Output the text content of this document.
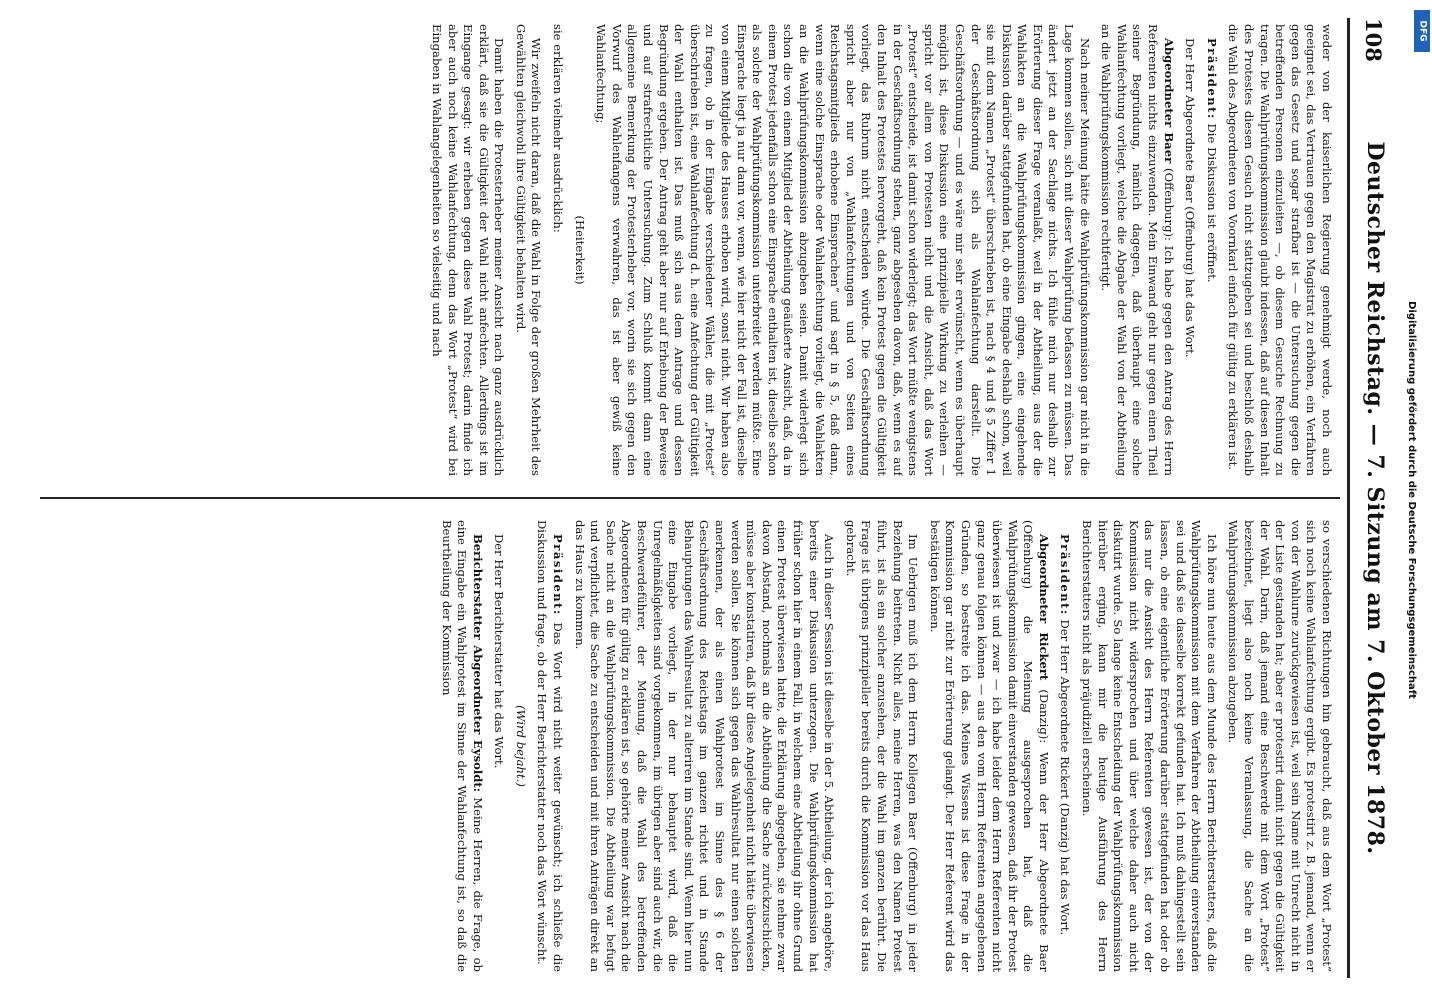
108
Deutscher Reichstag. — 7. Sitzung am 7. Oktober 1878.

weder von der kaiserlichen Regierung genehmigt werde, noch auch geeignet sei, das Vertrauen gegen den Magistrat zu erhöhen, ein Verfahren gegen das Gesetz und sogar strafbar ist — die Untersuchung gegen die betreffenden Personen einzuleiten —, ob diesem Gesuche Rechnung zu tragen. Die Wahlprüfungskommission glaubt indessen, daß auf diesen Inhalt des Protestes diesen Gesuch nicht stattzugeben sei und beschloß deshalb die Wahl des Abgeordneten von Voornkarl einfach für gültig zu erklären ist.

Präsident: Die Diskussion ist eröffnet.

Der Herr Abgeordnete Baer (Offenburg) hat das Wort.

Abgeordneter Baer (Offenburg): Ich habe gegen den Antrag des Herrn Referenten nichts einzuwenden. Mein Einwand geht nur gegen einen Theil seiner Begründung, nämlich dagegen, daß überhaupt eine solche Wahlanfechtung vorliegt, welche die Abgabe der Wahl von der Abtheilung an die Wahlprüfungskommission rechtfertigt.

Nach meiner Meinung hätte die Wahlprüfungskommission gar nicht in die Lage kommen sollen, sich mit dieser Wahlprüfung befassen zu müssen. Das ändert jetzt an der Sachlage nichts. Ich fühle mich nur deshalb zur Erörterung dieser Frage veranlaßt, weil in der Abtheilung, aus der die Wahlakten an die Wahlprüfungskommission gingen, eine eingehende Diskussion darüber stattgefunden hat, ob eine Eingabe deshalb schon, weil sie mit dem Namen „Protest“ überschrieben ist, nach § 4 und § 5 Ziffer 1 der Geschäftsordnung sich als Wahlanfechtung darstellt. Die Geschäftsordnung — und es wäre mir sehr erwünscht, wenn es überhaupt möglich ist, diese Diskussion eine prinzipielle Wirkung zu verleihen — spricht vor allem von Protesten nicht und die Ansicht, daß das Wort „Protest“ entscheide, ist damit schon widerlegt; das Wort müßte wenigstens in der Geschäftsordnung stehen, ganz abgesehen davon, daß, wenn es auf den Inhalt des Protestes hervorgeht, daß kein Protest gegen die Gültigkeit vorliegt, das Rubrum nicht entscheiden würde. Die Geschäftsordnung spricht aber nur von „Wahlanfechtungen und von Seiten eines Reichstagsmitglieds erhobene Einsprachen“ und sagt in § 5, daß dann, wenn eine solche Einsprache oder Wahlanfechtung vorliegt, die Wahlakten an die Wahlprüfungskommission abzugeben seien. Damit widerlegt sich schon die von einem Mitglied der Abtheilung geäußerte Ansicht, daß, da in einem Protest jedenfalls schon eine Einsprache enthalten ist, dieselbe schon als solche der Wahlprüfungskommission unterbreitet werden müßte. Eine Einsprache liegt ja nur dann vor, wenn, wie hier nicht der Fall ist, dieselbe von einem Mitgliede des Hauses erhoben wird, sonst nicht. Wir haben also zu fragen, ob in der Eingabe verschiedener Wähler, die mit „Protest“ überschrieben ist, eine Wahlanfechtung d. h. eine Anfechtung der Gültigkeit der Wahl enthalten ist. Das muß sich aus dem Antrage und dessen Begründung ergeben. Der Antrag geht aber nur auf Erhebung der Beweise und auf strafrechtliche Untersuchung. Zum Schluß kommt dann eine allgemeine Bemerkung der Protesterheber vor, worin sie sich gegen den Vorwurf des Wahlenfangens verwahren, das ist aber gewiß keine Wahlanfechtung;

(Heiterkeit)

sie erklären vielmehr ausdrücklich:

Wir zweifeln nicht daran, daß die Wahl in Folge der großen Mehrheit des Gewählten gleichwohl ihre Gültigkeit behalten wird.

Damit haben die Protesterheber meiner Ansicht nach ganz ausdrücklich erklärt, daß sie die Gültigkeit der Wahl nicht anfechten. Allerdings ist im Eingange gesagt: wir erheben gegen diese Wahl Protest; darin finde ich aber auch noch keine Wahlanfechtung, denn das Wort „Protest“ wird bei Eingaben in Wahlangelegenheiten so vielseitig und nach

so verschiedenen Richtungen hin gebraucht, daß aus dem Wort „Protest“ sich noch keine Wahlanfechtung ergibt. Es protestirt z. B. jemand, wenn er von der Wahlurne zurückgewiesen ist, weil sein Name mit Unrecht nicht in der Liste gestanden hat; aber er protestirt damit nicht gegen die Gültigkeit der Wahl. Darin, daß jemand eine Beschwerde mit dem Wort „Protest“ bezeichnet, liegt also noch keine Veranlassung, die Sache an die Wahlprüfungskommission abzugeben.

Ich höre nun heute aus dem Munde des Herrn Berichterstatters, daß die Wahlprüfungskommission mit dem Verfahren der Abtheilung einverstanden sei und daß sie dasselbe korrekt gefunden hat. Ich muß dahingestellt sein lassen, ob eine eigentliche Erörterung darüber stattgefunden hat oder ob das nur die Ansicht des Herrn Referenten gewesen ist, der von der Kommission nicht widersprochen und über welche daher auch nicht diskutirt wurde. So lange keine Entscheidung der Wahlprüfungskommission hierüber erging, kann mir die heutige Ausführung des Herrn Berichterstatters nicht als präjudiziell erscheinen.

Präsident: Der Herr Abgeordnete Rickert (Danzig) hat das Wort.

Abgeordneter Rickert (Danzig): Wenn der Herr Abgeordnete Baer (Offenburg) die Meinung ausgesprochen hat, daß die Wahlprüfungskommission damit einverstanden gewesen, daß ihr der Protest überwiesen ist und zwar — ich habe leider dem Herrn Referenten nicht ganz genau folgen können — aus den vom Herrn Referenten angegebenen Gründen, so bestreite ich das. Meines Wissens ist diese Frage in der Kommission gar nicht zur Erörterung gelangt. Der Herr Referent wird das bestätigen können.

Im Uebrigen muß ich dem Herrn Kollegen Baer (Offenburg) in jeder Beziehung beitreten. Nicht alles, meine Herren, was den Namen Protest führt, ist als ein solcher anzusehen, der die Wahl im ganzen berührt. Die Frage ist übrigens prinzipieller bereits durch die Kommission vor das Haus gebracht.

Auch in dieser Session ist dieselbe in der 5. Abtheilung, der ich angehöre, bereits einer Diskussion unterzogen. Die Wahlprüfungskommission hat früher schon hier in einem Fall, in welchem eine Abtheilung ihr ohne Grund einen Protest überwiesen hatte, die Erklärung abgegeben, sie nehme zwar davon Abstand, nochmals an die Abtheilung die Sache zurückzuschicken, müsse aber konstatiren, daß ihr diese Angelegenheit nicht hätte überwiesen werden sollen. Sie können sich gegen das Wahlresultat nur einen solchen anerkennen, der als einen Wahlprotest im Sinne des § 6 der Geschäftsordnung des Reichstags im ganzen richtet und in Stande Behauptungen das Wahlresultat zu alteriren im Stande sind. Wenn hier nun eine Eingabe vorliegt, in der nur behauptet wird, daß die Unregelmäßigkeiten sind vorgekommen, im übrigen aber sind auch wir, die Beschwerdeführer, der Meinung, daß die Wahl des betreffenden Abgeordneten für gültig zu erklären ist, so gehörte meiner Ansicht nach die Sache nicht an die Wahlprüfungskommission. Die Abtheilung war befugt und verpflichtet, die Sache zu entscheiden und mit ihren Anträgen direkt an das Haus zu kommen.

Präsident: Das Wort wird nicht weiter gewünscht; ich schließe die Diskussion und frage, ob der Herr Berichterstatter noch das Wort wünscht.

(Wird bejaht.)

Der Herr Berichterstatter hat das Wort.

Berichterstatter Abgeordneter Eysoldt: Meine Herren, die Frage, ob eine Eingabe ein Wahlprotest im Sinne der Wahlanfechtung ist, so daß die Beurtheilung der Kommission

DFG
Digitalisierung gefördert durch die Deutsche Forschungsgemeinschaft
